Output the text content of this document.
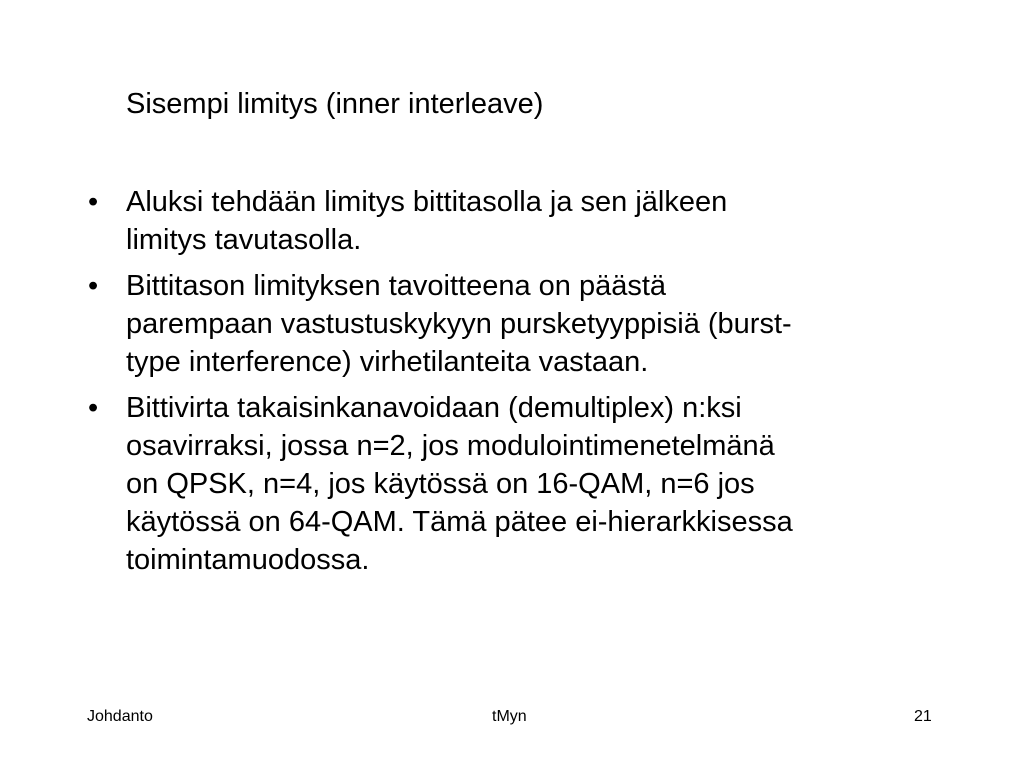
Sisempi limitys (inner interleave)
• Aluksi tehdään limitys bittitasolla ja sen jälkeen
limitys tavutasolla.
• Bittitason limityksen tavoitteena on päästä
parempaan vastustuskykyyn pursketyyppisiä (burst-
type interference) virhetilanteita vastaan.
• Bittivirta takaisinkanavoidaan (demultiplex) n:ksi
osavirraksi, jossa n=2, jos modulointimenetelmänä
on QPSK, n=4, jos käytössä on 16-QAM, n=6 jos
käytössä on 64-QAM. Tämä pätee ei-hierarkkisessa
toimintamuodossa.
Johdanto	tMyn	21
